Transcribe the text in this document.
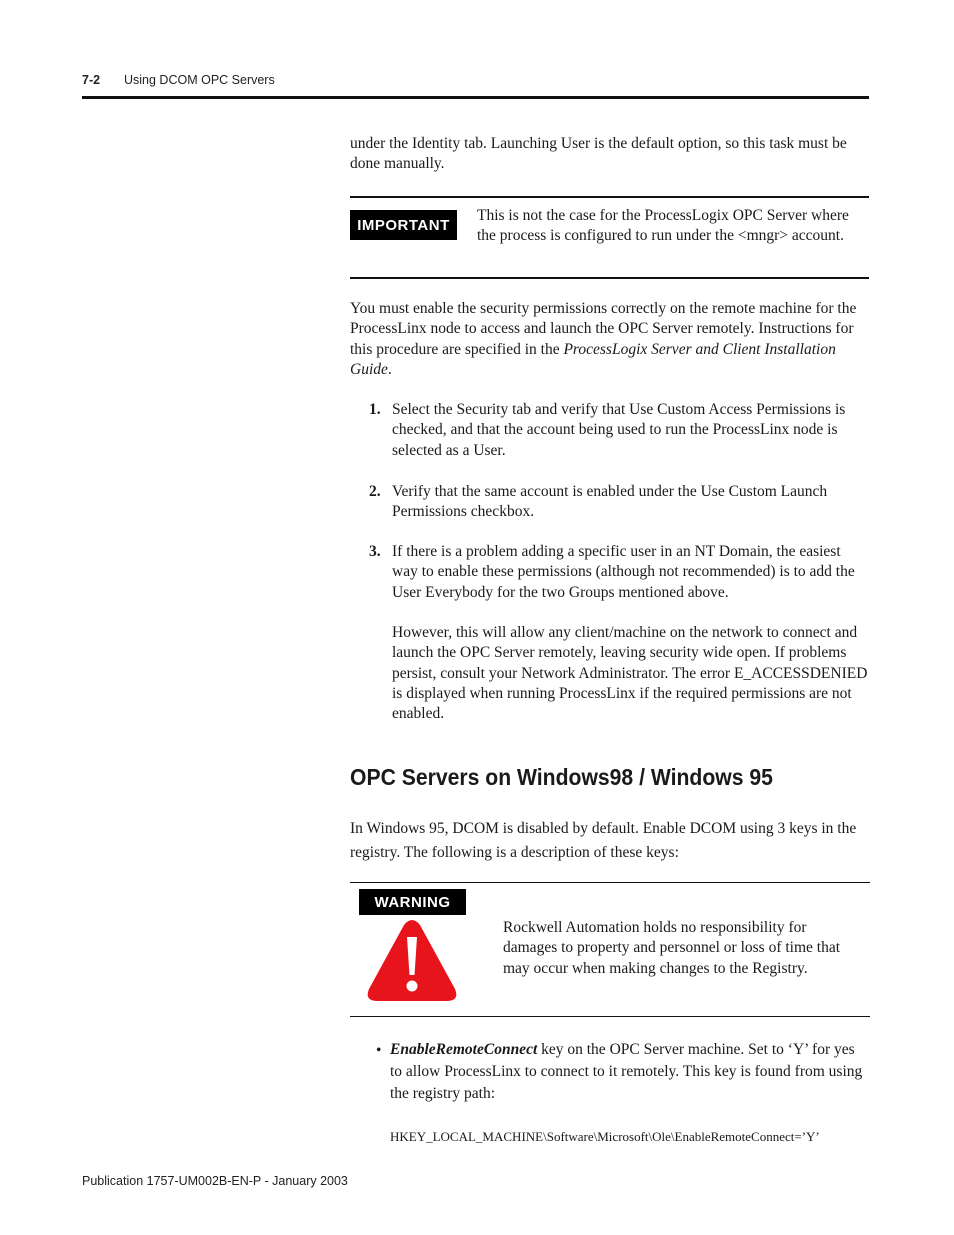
7-2 Using DCOM OPC Servers
under the Identity tab. Launching User is the default option, so this task must be done manually.
IMPORTANT
This is not the case for the ProcessLogix OPC Server where the process is configured to run under the <mngr> account.
You must enable the security permissions correctly on the remote machine for the ProcessLinx node to access and launch the OPC Server remotely. Instructions for this procedure are specified in the ProcessLogix Server and Client Installation Guide.
1. Select the Security tab and verify that Use Custom Access Permissions is checked, and that the account being used to run the ProcessLinx node is selected as a User.
2. Verify that the same account is enabled under the Use Custom Launch Permissions checkbox.
3. If there is a problem adding a specific user in an NT Domain, the easiest way to enable these permissions (although not recommended) is to add the User Everybody for the two Groups mentioned above.
However, this will allow any client/machine on the network to connect and launch the OPC Server remotely, leaving security wide open. If problems persist, consult your Network Administrator. The error E_ACCESSDENIED is displayed when running ProcessLinx if the required permissions are not enabled.
OPC Servers on Windows98 / Windows 95
In Windows 95, DCOM is disabled by default. Enable DCOM using 3 keys in the registry. The following is a description of these keys:
WARNING
Rockwell Automation holds no responsibility for damages to property and personnel or loss of time that may occur when making changes to the Registry.
• EnableRemoteConnect key on the OPC Server machine. Set to ‘Y’ for yes to allow ProcessLinx to connect to it remotely. This key is found from using the registry path:
HKEY_LOCAL_MACHINE\Software\Microsoft\Ole\EnableRemoteConnect=’Y’
Publication 1757-UM002B-EN-P - January 2003
